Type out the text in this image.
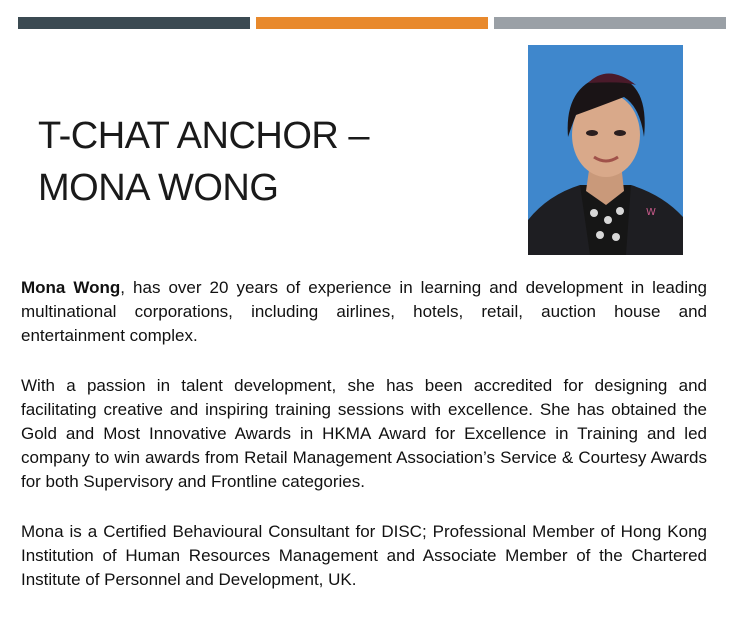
T-CHAT ANCHOR –
MONA WONG
W

Mona Wong, has over 20 years of experience in learning and development in leading multinational corporations, including airlines, hotels, retail, auction house and entertainment complex.

With a passion in talent development, she has been accredited for designing and facilitating creative and inspiring training sessions with excellence. She has obtained the Gold and Most Innovative Awards in HKMA Award for Excellence in Training and led company to win awards from Retail Management Association’s Service & Courtesy Awards for both Supervisory and Frontline categories.

Mona is a Certified Behavioural Consultant for DISC; Professional Member of Hong Kong Institution of Human Resources Management and Associate Member of the Chartered Institute of Personnel and Development, UK.
